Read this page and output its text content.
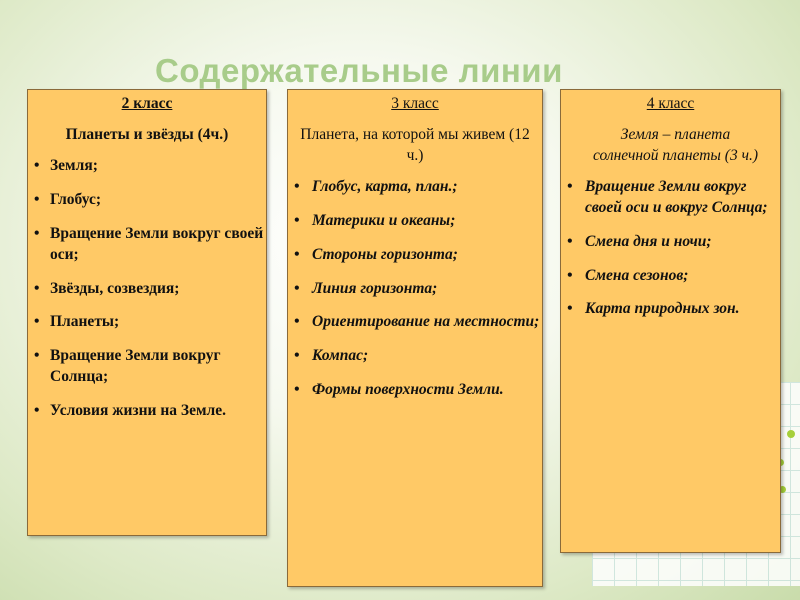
Содержательные линии
2 класс
Планеты и звёзды (4ч.)
• Земля;
• Глобус;
• Вращение Земли вокруг своей оси;
• Звёзды, созвездия;
• Планеты;
• Вращение Земли вокруг Солнца;
• Условия жизни на Земле.
3 класс
Планета, на которой мы живем (12 ч.)
• Глобус, карта, план.;
• Материки и океаны;
• Стороны горизонта;
• Линия горизонта;
• Ориентирование на местности;
• Компас;
• Формы поверхности Земли.
4 класс
Земля – планета солнечной планеты (3 ч.)
• Вращение Земли вокруг своей оси и вокруг Солнца;
• Смена дня и ночи;
• Смена сезонов;
• Карта природных зон.
